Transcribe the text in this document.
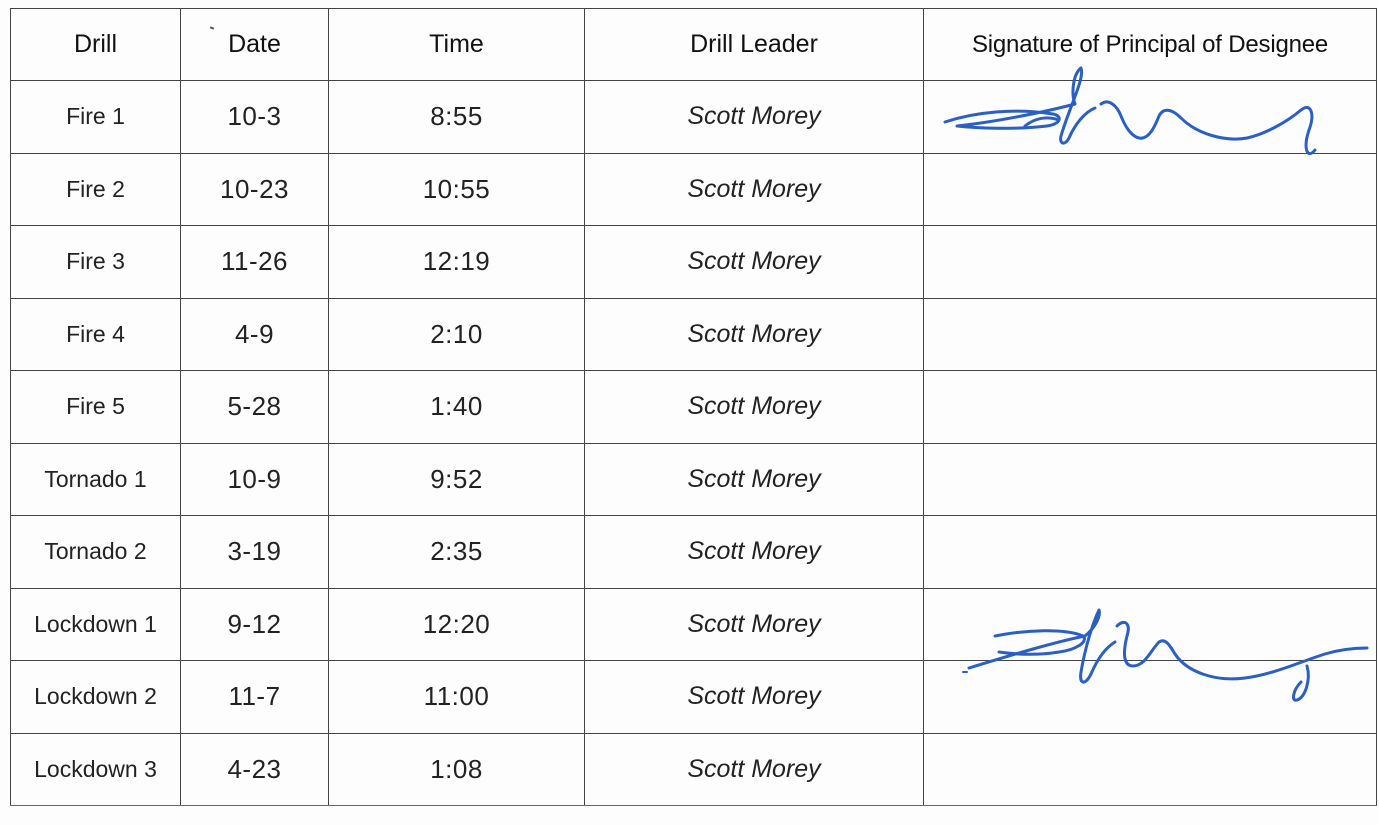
Drill	Date	Time	Drill Leader	Signature of Principal of Designee
Fire 1	10-3	8:55	Scott Morey	
Fire 2	10-23	10:55	Scott Morey	
Fire 3	11-26	12:19	Scott Morey	
Fire 4	4-9	2:10	Scott Morey	
Fire 5	5-28	1:40	Scott Morey	
Tornado 1	10-9	9:52	Scott Morey	
Tornado 2	3-19	2:35	Scott Morey	
Lockdown 1	9-12	12:20	Scott Morey	
Lockdown 2	11-7	11:00	Scott Morey	
Lockdown 3	4-23	1:08	Scott Morey	
